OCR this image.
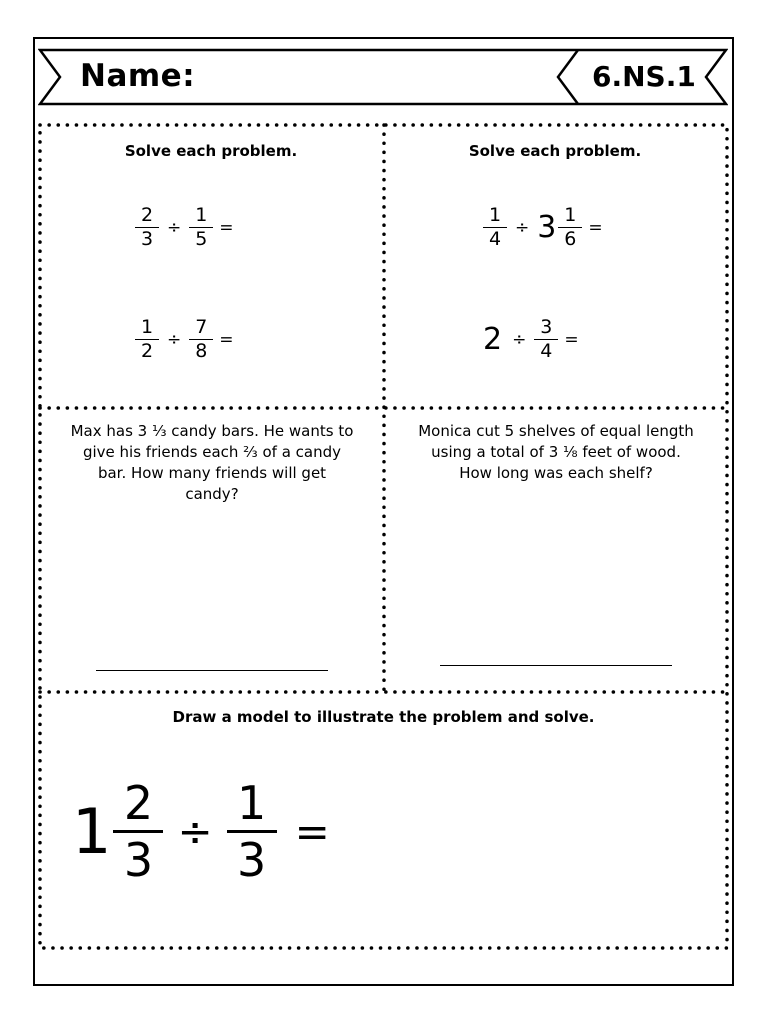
Name:	6.NS.1
Solve each problem.
$\frac{2}{3} \div \frac{1}{5}$ =
$\frac{1}{2} \div \frac{7}{8}$ =
Solve each problem.
$\frac{1}{4} \div 3 \frac{1}{6}$ =
$2 \div \frac{3}{4}$ =
Max has 3 ⅓ candy bars. He wants to
give his friends each ⅔ of a candy
bar. How many friends will get
candy?
Monica cut 5 shelves of equal length
using a total of 3 ⅛ feet of wood.
How long was each shelf?
Draw a model to illustrate the problem and solve.
$1 \frac{2}{3} \div \frac{1}{3}$ =
